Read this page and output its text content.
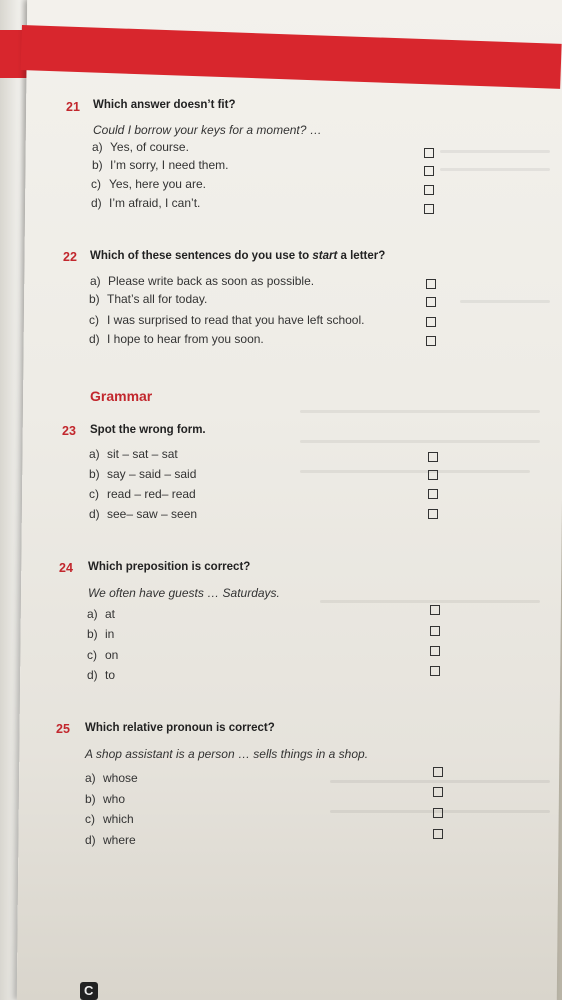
21 Which answer doesn’t fit?
Could I borrow your keys for a moment? …
a) Yes, of course.
b) I’m sorry, I need them.
c) Yes, here you are.
d) I’m afraid, I can’t.
22 Which of these sentences do you use to start a letter?
a) Please write back as soon as possible.
b) That’s all for today.
c) I was surprised to read that you have left school.
d) I hope to hear from you soon.
Grammar
23 Spot the wrong form.
a) sit – sat – sat
b) say – said – said
c) read – red– read
d) see– saw – seen
24 Which preposition is correct?
We often have guests … Saturdays.
a) at
b) in
c) on
d) to
25 Which relative pronoun is correct?
A shop assistant is a person … sells things in a shop.
a) whose
b) who
c) which
d) where
C
